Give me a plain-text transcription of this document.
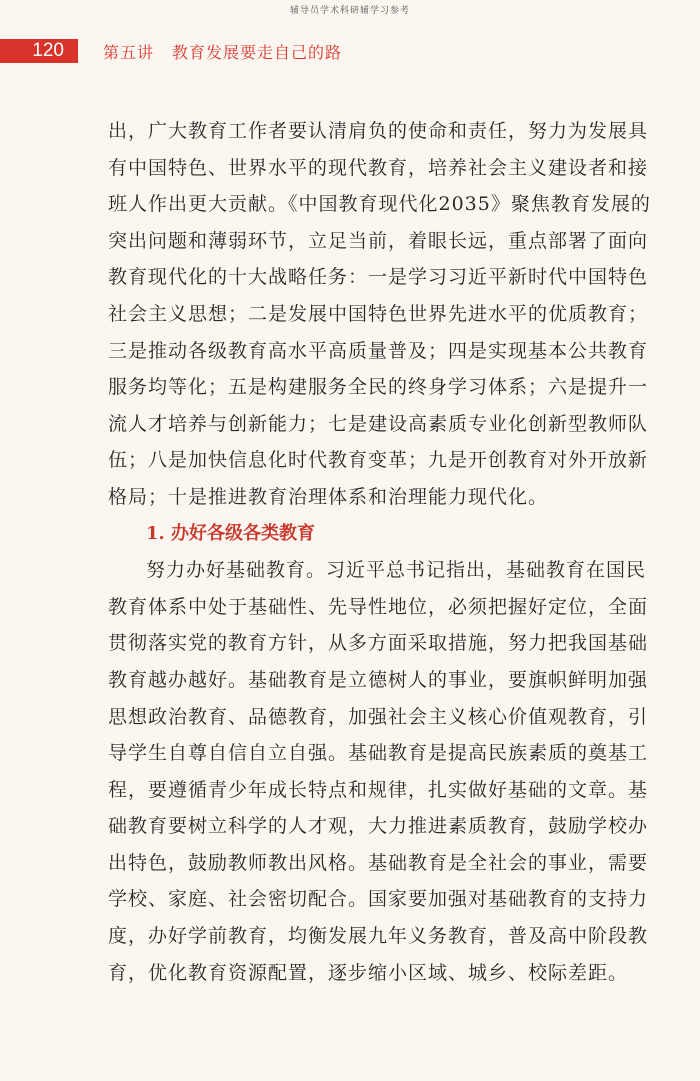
辅导员学术科研辅学习参考
120	第五讲 教育发展要走自己的路
出，广大教育工作者要认清肩负的使命和责任，努力为发展具
有中国特色、世界水平的现代教育，培养社会主义建设者和接
班人作出更大贡献。《中国教育现代化2035》聚焦教育发展的
突出问题和薄弱环节，立足当前，着眼长远，重点部署了面向
教育现代化的十大战略任务：一是学习习近平新时代中国特色
社会主义思想；二是发展中国特色世界先进水平的优质教育；
三是推动各级教育高水平高质量普及；四是实现基本公共教育
服务均等化；五是构建服务全民的终身学习体系；六是提升一
流人才培养与创新能力；七是建设高素质专业化创新型教师队
伍；八是加快信息化时代教育变革；九是开创教育对外开放新
格局；十是推进教育治理体系和治理能力现代化。
1. 办好各级各类教育
努力办好基础教育。习近平总书记指出，基础教育在国民
教育体系中处于基础性、先导性地位，必须把握好定位，全面
贯彻落实党的教育方针，从多方面采取措施，努力把我国基础
教育越办越好。基础教育是立德树人的事业，要旗帜鲜明加强
思想政治教育、品德教育，加强社会主义核心价值观教育，引
导学生自尊自信自立自强。基础教育是提高民族素质的奠基工
程，要遵循青少年成长特点和规律，扎实做好基础的文章。基
础教育要树立科学的人才观，大力推进素质教育，鼓励学校办
出特色，鼓励教师教出风格。基础教育是全社会的事业，需要
学校、家庭、社会密切配合。国家要加强对基础教育的支持力
度，办好学前教育，均衡发展九年义务教育，普及高中阶段教
育，优化教育资源配置，逐步缩小区域、城乡、校际差距。
